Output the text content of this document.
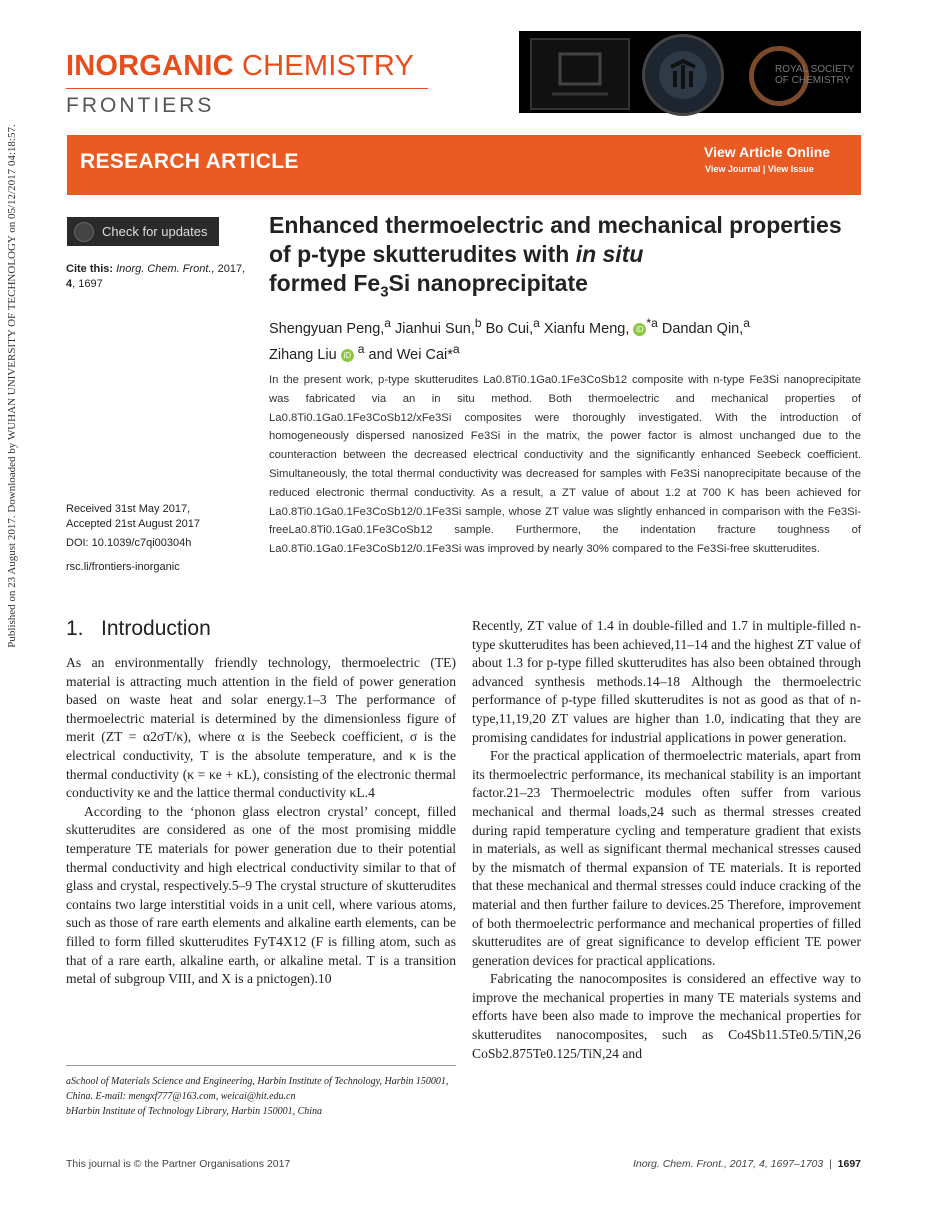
Published on 23 August 2017. Downloaded by WUHAN UNIVERSITY OF TECHNOLOGY on 05/12/2017 04:18:57.
INORGANIC CHEMISTRY
FRONTIERS
ROYAL SOCIETY
OF CHEMISTRY
RESEARCH ARTICLE	View Article Online
View Journal | View Issue
Check for updates
Cite this: Inorg. Chem. Front., 2017,
4, 1697
Received 31st May 2017,
Accepted 21st August 2017
DOI: 10.1039/c7qi00304h
rsc.li/frontiers-inorganic
Enhanced thermoelectric and mechanical properties of p-type skutterudites with in situ
formed $Fe_3Si$ nanoprecipitate
Shengyuan Peng,$^a$ Jianhui Sun,$^b$ Bo Cui,$^a$ Xianfu Meng, iD $^{*a}$ Dandan Qin,$^a$
Zihang Liu iD $^a$ and Wei Cai*$^a$
In the present work, p-type skutterudites La0.8Ti0.1Ga0.1Fe3CoSb12 composite with n-type Fe3Si nanoprecipitate was fabricated via an in situ method. Both thermoelectric and mechanical properties of La0.8Ti0.1Ga0.1Fe3CoSb12/xFe3Si composites were thoroughly investigated. With the introduction of homogeneously dispersed nanosized Fe3Si in the matrix, the power factor is almost unchanged due to the counteraction between the decreased electrical conductivity and the significantly enhanced Seebeck coefficient. Simultaneously, the total thermal conductivity was decreased for samples with Fe3Si nanoprecipitate because of the reduced electronic thermal conductivity. As a result, a ZT value of about 1.2 at 700 K has been achieved for La0.8Ti0.1Ga0.1Fe3CoSb12/0.1Fe3Si sample, whose ZT value was slightly enhanced in comparison with the Fe3Si-freeLa0.8Ti0.1Ga0.1Fe3CoSb12 sample. Furthermore, the indentation fracture toughness of La0.8Ti0.1Ga0.1Fe3CoSb12/0.1Fe3Si was improved by nearly 30% compared to the Fe3Si-free skutterudites.
1. Introduction

As an environmentally friendly technology, thermoelectric (TE) material is attracting much attention in the field of power generation based on waste heat and solar energy.1–3 The performance of thermoelectric material is determined by the dimensionless figure of merit (ZT = α2σT/κ), where α is the Seebeck coefficient, σ is the electrical conductivity, T is the absolute temperature, and κ is the thermal conductivity (κ = κe + κL), consisting of the electronic thermal conductivity κe and the lattice thermal conductivity κL.4

According to the ‘phonon glass electron crystal’ concept, filled skutterudites are considered as one of the most promising middle temperature TE materials for power generation due to their potential thermal conductivity and high electrical conductivity similar to that of glass and crystal, respectively.5–9 The crystal structure of skutterudites contains two large interstitial voids in a unit cell, where various atoms, such as those of rare earth elements and alkaline earth elements, can be filled to form filled skutterudites FyT4X12 (F is filling atom, such as that of a rare earth, alkaline earth, or alkaline metal. T is a transition metal of subgroup VIII, and X is a pnictogen).10

Recently, ZT value of 1.4 in double-filled and 1.7 in multiple-filled n-type skutterudites has been achieved,11–14 and the highest ZT value of about 1.3 for p-type filled skutterudites has also been obtained through advanced synthesis methods.14–18 Although the thermoelectric performance of p-type filled skutterudites is not as good as that of n-type,11,19,20 ZT values are higher than 1.0, indicating that they are promising candidates for industrial applications in power generation.

For the practical application of thermoelectric materials, apart from its thermoelectric performance, its mechanical stability is an important factor.21–23 Thermoelectric modules often suffer from various mechanical and thermal loads,24 such as thermal stresses created during rapid temperature cycling and temperature gradient that exists in materials, as well as significant thermal mechanical stresses caused by the mismatch of thermal expansion of TE materials. It is reported that these mechanical and thermal stresses could induce cracking of the material and then further failure to devices.25 Therefore, improvement of both thermoelectric performance and mechanical properties of filled skutterudites are of great significance to develop efficient TE power generation devices for practical applications.

Fabricating the nanocomposites is considered an effective way to improve the mechanical properties in many TE materials systems and efforts have been also made to improve the mechanical properties for skutterudites nanocomposites, such as Co4Sb11.5Te0.5/TiN,26 CoSb2.875Te0.125/TiN,24 and

aSchool of Materials Science and Engineering, Harbin Institute of Technology, Harbin 150001, China. E-mail: mengxf777@163.com, weicai@hit.edu.cn
bHarbin Institute of Technology Library, Harbin 150001, China
This journal is © the Partner Organisations 2017	Inorg. Chem. Front., 2017, 4, 1697–1703  |  1697
